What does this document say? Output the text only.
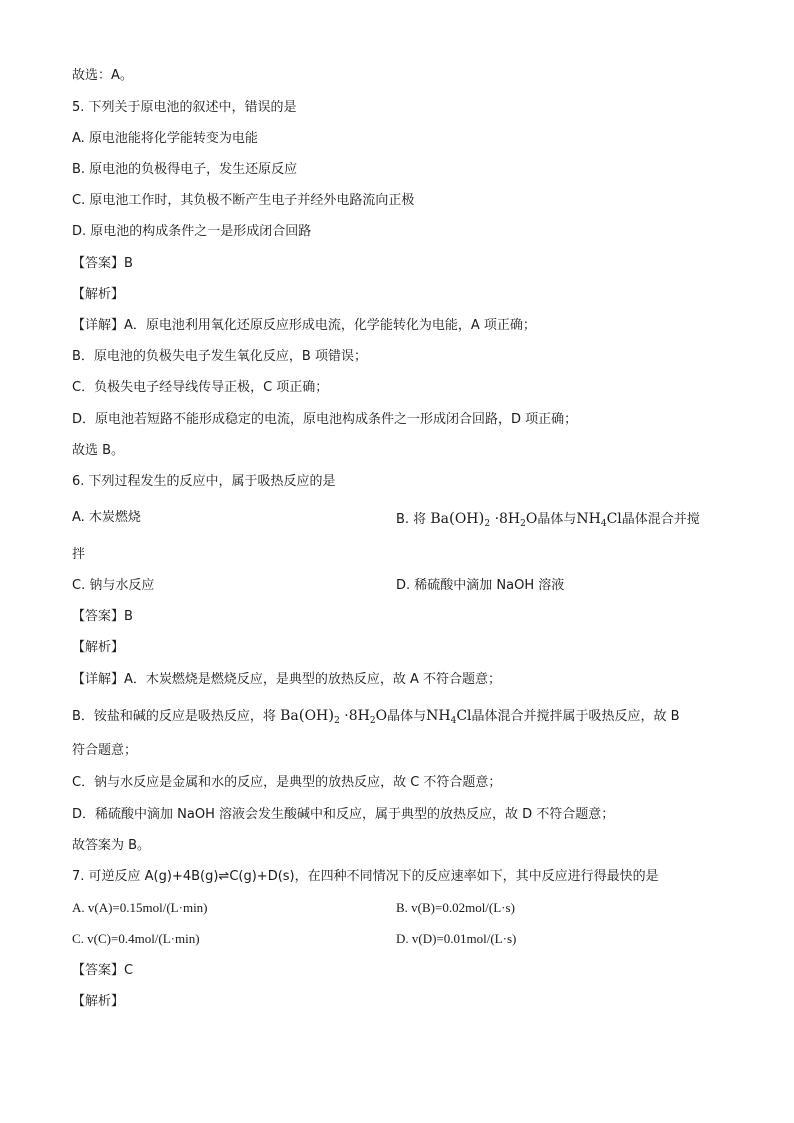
故选：A。
5. 下列关于原电池的叙述中，错误的是
A. 原电池能将化学能转变为电能
B. 原电池的负极得电子，发生还原反应
C. 原电池工作时，其负极不断产生电子并经外电路流向正极
D. 原电池的构成条件之一是形成闭合回路
【答案】B
【解析】
【详解】A．原电池利用氧化还原反应形成电流，化学能转化为电能，A 项正确；
B．原电池的负极失电子发生氧化反应，B 项错误；
C．负极失电子经导线传导正极，C 项正确；
D．原电池若短路不能形成稳定的电流，原电池构成条件之一形成闭合回路，D 项正确；
故选 B。
6. 下列过程发生的反应中，属于吸热反应的是
A. 木炭燃烧	B. 将 $Ba(OH)_2 \cdot 8H_2O$晶体与$NH_4Cl$晶体混合并搅
拌
C. 钠与水反应	D. 稀硫酸中滴加 NaOH 溶液
【答案】B
【解析】
【详解】A．木炭燃烧是燃烧反应，是典型的放热反应，故 A 不符合题意；
B．铵盐和碱的反应是吸热反应，将 $Ba(OH)_2 \cdot 8H_2O$晶体与$NH_4Cl$晶体混合并搅拌属于吸热反应，故 B
符合题意；
C．钠与水反应是金属和水的反应，是典型的放热反应，故 C 不符合题意；
D．稀硫酸中滴加 NaOH 溶液会发生酸碱中和反应，属于典型的放热反应，故 D 不符合题意；
故答案为 B。
7. 可逆反应 A(g)+4B(g)⇌C(g)+D(s)，在四种不同情况下的反应速率如下，其中反应进行得最快的是
A. v(A)=0.15mol/(L·min)	B. v(B)=0.02mol/(L·s)
C. v(C)=0.4mol/(L·min)	D. v(D)=0.01mol/(L·s)
【答案】C
【解析】
